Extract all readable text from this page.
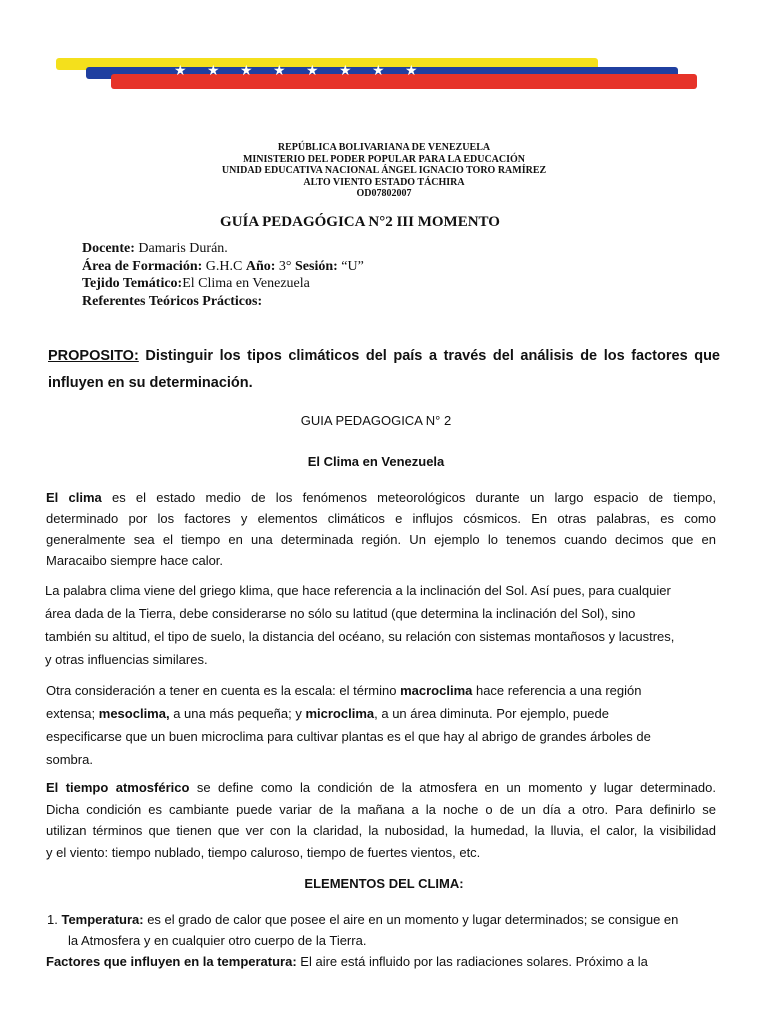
★ ★ ★ ★ ★ ★ ★ ★
REPÚBLICA BOLIVARIANA DE VENEZUELA
MINISTERIO DEL PODER POPULAR PARA LA EDUCACIÓN
UNIDAD EDUCATIVA NACIONAL ÁNGEL IGNACIO TORO RAMÍREZ
ALTO VIENTO ESTADO TÁCHIRA
OD07802007
GUÍA PEDAGÓGICA N°2 III MOMENTO
Docente: Damaris Durán.
Área de Formación: G.H.C Año: 3° Sesión: “U”
Tejido Temático:El Clima en Venezuela
Referentes Teóricos Prácticos:
PROPOSITO: Distinguir los tipos climáticos del país a través del análisis de los factores que influyen en su determinación.
GUIA PEDAGOGICA N° 2
El Clima en Venezuela
El clima es el estado medio de los fenómenos meteorológicos durante un largo espacio de tiempo,
determinado por los factores y elementos climáticos e influjos cósmicos. En otras palabras, es como
generalmente sea el tiempo en una determinada región. Un ejemplo lo tenemos cuando decimos que en
Maracaibo siempre hace calor.
La palabra clima viene del griego klima, que hace referencia a la inclinación del Sol. Así pues, para cualquier
área dada de la Tierra, debe considerarse no sólo su latitud (que determina la inclinación del Sol), sino
también su altitud, el tipo de suelo, la distancia del océano, su relación con sistemas montañosos y lacustres,
y otras influencias similares.
Otra consideración a tener en cuenta es la escala: el término macroclima hace referencia a una región
extensa; mesoclima, a una más pequeña; y microclima, a un área diminuta. Por ejemplo, puede
especificarse que un buen microclima para cultivar plantas es el que hay al abrigo de grandes árboles de
sombra.
El tiempo atmosférico se define como la condición de la atmosfera en un momento y lugar determinado.
Dicha condición es cambiante puede variar de la mañana a la noche o de un día a otro. Para definirlo se
utilizan términos que tienen que ver con la claridad, la nubosidad, la humedad, la lluvia, el calor, la visibilidad
y el viento: tiempo nublado, tiempo caluroso, tiempo de fuertes vientos, etc.
ELEMENTOS DEL CLIMA:
1. Temperatura: es el grado de calor que posee el aire en un momento y lugar determinados; se consigue en
la Atmosfera y en cualquier otro cuerpo de la Tierra.
Factores que influyen en la temperatura: El aire está influido por las radiaciones solares. Próximo a la
